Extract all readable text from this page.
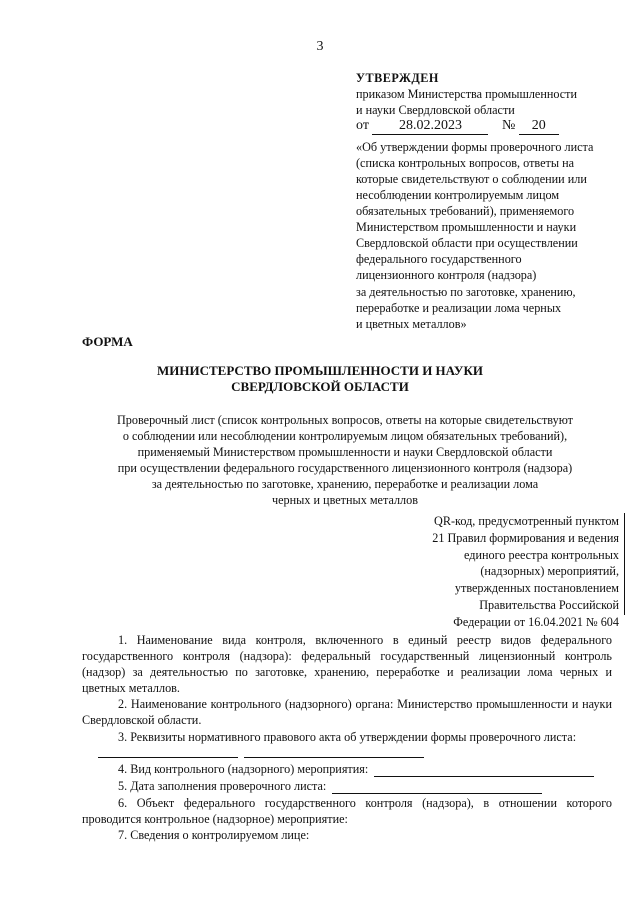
3
УТВЕРЖДЕН
приказом Министерства промышленности
и науки Свердловской области
от 28.02.2023	№ 20
«Об утверждении формы проверочного листа
(списка контрольных вопросов, ответы на
которые свидетельствуют о соблюдении или
несоблюдении контролируемым лицом
обязательных требований), применяемого
Министерством промышленности и науки
Свердловской области при осуществлении
федерального государственного
лицензионного контроля (надзора)
за деятельностью по заготовке, хранению,
переработке и реализации лома черных
и цветных металлов»
ФОРМА
МИНИСТЕРСТВО ПРОМЫШЛЕННОСТИ И НАУКИ
СВЕРДЛОВСКОЙ ОБЛАСТИ
Проверочный лист (список контрольных вопросов, ответы на которые свидетельствуют
о соблюдении или несоблюдении контролируемым лицом обязательных требований),
применяемый Министерством промышленности и науки Свердловской области
при осуществлении федерального государственного лицензионного контроля (надзора)
за деятельностью по заготовке, хранению, переработке и реализации лома
черных и цветных металлов
QR-код, предусмотренный пунктом
21 Правил формирования и ведения
единого реестра контрольных
(надзорных) мероприятий,
утвержденных постановлением
Правительства Российской
Федерации от 16.04.2021 № 604

1. Наименование вида контроля, включенного в единый реестр видов федерального государственного контроля (надзора): федеральный государственный лицензионный контроль (надзор) за деятельностью по заготовке, хранению, переработке и реализации лома черных и цветных металлов.

2. Наименование контрольного (надзорного) органа: Министерство промышленности и науки Свердловской области.

3. Реквизиты нормативного правового акта об утверждении формы проверочного листа:

4. Вид контрольного (надзорного) мероприятия:
5. Дата заполнения проверочного листа:

6. Объект федерального государственного контроля (надзора), в отношении которого проводится контрольное (надзорное) мероприятие:

7. Сведения о контролируемом лице:
